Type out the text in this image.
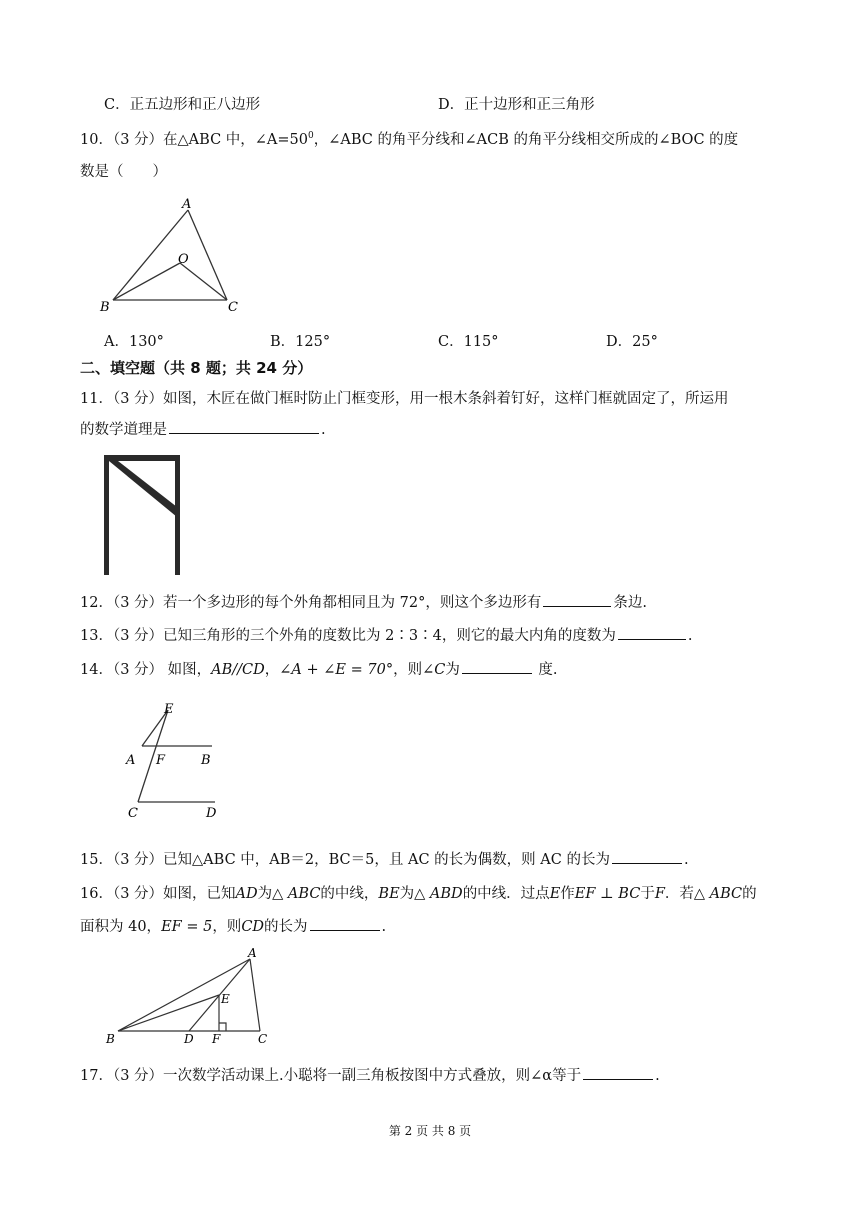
C．正五边形和正八边形	D．正十边形和正三角形
10．（3 分）在△ABC 中，$\angle A=50^0$，∠ABC 的角平分线和∠ACB 的角平分线相交所成的∠BOC 的度
数是（　　）
A
O
B	C
A．130°	B．125°	C．115°	D．25°
二、填空题（共 8 题；共 24 分）
11．（3 分）如图，木匠在做门框时防止门框变形，用一根木条斜着钉好，这样门框就固定了，所运用
的数学道理是	.
12．（3 分）若一个多边形的每个外角都相同且为 72°，则这个多边形有	条边.
13．（3 分）已知三角形的三个外角的度数比为 2∶3∶4，则它的最大内角的度数为	.
14．（3 分） 如图，AB//CD，∠A + ∠E = 70°，则∠C为	度.
E
A F	B
C	D
15．（3 分）已知△ABC 中，AB＝2，BC＝5，且 AC 的长为偶数，则 AC 的长为	.
16．（3 分）如图，已知AD为△ ABC的中线，BE为△ ABD的中线．过点E作EF ⊥ BC于F．若△ ABC的
面积为 40，EF = 5，则CD的长为	.
A
E
B	D F	C
17．（3 分）一次数学活动课上.小聪将一副三角板按图中方式叠放，则∠α等于	.
第 2 页 共 8 页
